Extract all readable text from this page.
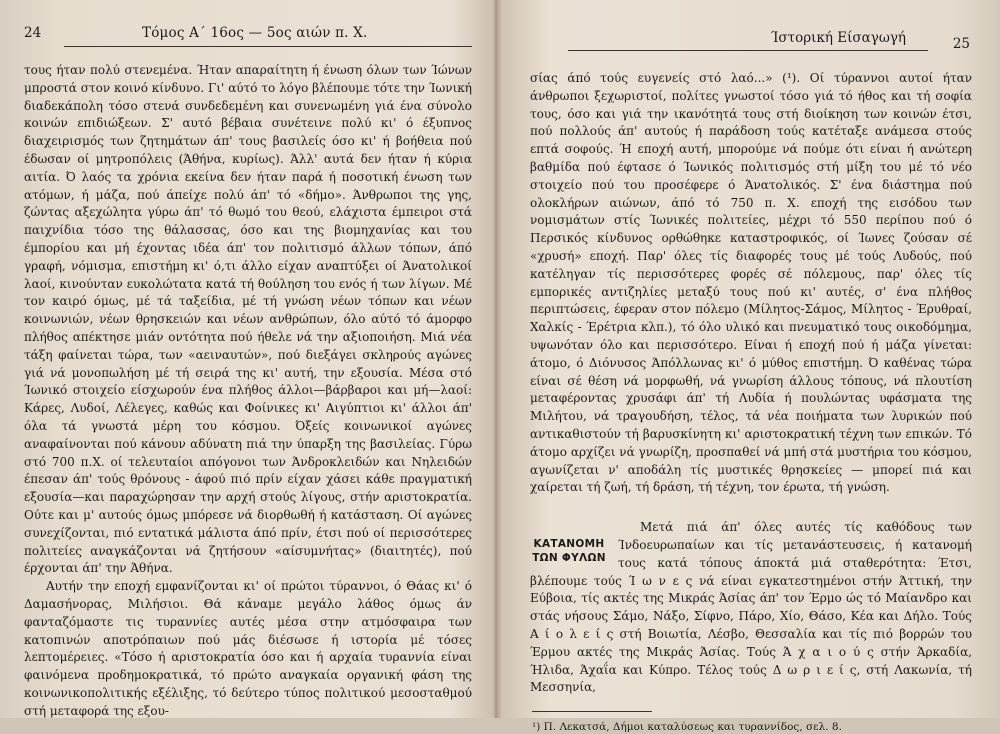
24	Τόμος Α΄ 16ος — 5ος αιών π. Χ.

τους ήταν πολύ στενεμένα. Ήταν απαραίτητη ή ένωση όλων των Ίώνων μπροστά στον κοινό κίνδυνο. Γι' αύτό το λόγο βλέπουμε τότε την Ίωνική διαδεκάπολη τόσο στενά συνδεδεμένη και συνενωμένη γιά ένα σύνολο κοινών επιδιώξεων. Σ' αυτό βέβαια συνέτεινε πολύ κι' ό έξυπνος διαχειρισμός των ζητημάτων άπ' τους βασιλείς όσο κι' ή βοήθεια πού έδωσαν οί μητροπόλεις (Άθήνα, κυρίως). Άλλ' αυτά δεν ήταν ή κύρια αιτία. Ό λαός τα χρόνια εκείνα δεν ήταν παρά ή ποσοτική ένωση των ατόμων, ή μάζα, πού άπείχε πολύ άπ' τό «δήμο». Άνθρωποι της γης, ζώντας αξεχώλητα γύρω άπ' τό θωμό του θεού, ελάχιστα έμπειροι στά παιχνίδια τόσο της θάλασσας, όσο και της βιομηχανίας και του έμπορίου και μή έχοντας ιδέα άπ' τον πολιτισμό άλλων τόπων, άπό γραφή, νόμισμα, επιστήμη κι' ό,τι άλλο είχαν αναπτύξει οί Άνατολικοί λαοί, κινούνταν ευκολώτατα κατά τή θούληση του ενός ή των λίγων. Μέ τον καιρό όμως, μέ τά ταξείδια, μέ τή γνώση νέων τόπων και νέων κοινωνιών, νέων θρησκειών και νέων ανθρώπων, όλο αύτό τό άμορφο πλήθος απέκτησε μιάν οντότητα πού ήθελε νά την αξιοποιήση. Μιά νέα τάξη φαίνεται τώρα, των «αειναυτών», πού διεξάγει σκληρούς αγώνες γιά νά μονοπωλήση μέ τή σειρά της κι' αυτή, την εξουσία. Μέσα στό Ίωνικό στοιχείο είσχωρούν ένα πλήθος άλλοι—βάρβαροι και μή—λαοί: Κάρες, Λυδοί, Λέλεγες, καθώς και Φοίνικες κι' Αιγύπτιοι κι' άλλοι άπ' όλα τά γνωστά μέρη του κόσμου. Όξείς κοινωνικοί αγώνες αναφαίνονται πού κάνουν αδύνατη πιά την ύπαρξη της βασιλείας. Γύρω στό 700 π.Χ. οί τελευταίοι απόγονοι των Άνδροκλειδών και Νηλειδών έπεσαν άπ' τούς θρόνους - άφού πιό πρίν είχαν χάσει κάθε πραγματική εξουσία—και παραχώρησαν την αρχή στούς λίγους, στήν αριστοκρατία. Ούτε και μ' αυτούς όμως μπόρεσε νά διορθωθή ή κατάσταση. Οί αγώνες συνεχίζονται, πιό εντατικά μάλιστα άπό πρίν, έτσι πού οί περισσότερες πολιτείες αναγκάζονται νά ζητήσουν «αίσυμνήτας» (διαιτητές), πού έρχονται άπ' την Άθήνα.

Αυτήν την εποχή εμφανίζονται κι' οί πρώτοι τύραννοι, ό Θάας κι' ό Δαμασήνορας, Μιλήσιοι. Θά κάναμε μεγάλο λάθος όμως άν φανταζόμαστε τις τυραννίες αυτές μέσα στην ατμόσφαιρα των κατοπινών αποτρόπαιων πού μάς διέσωσε ή ιστορία μέ τόσες λεπτομέρειες. «Τόσο ή αριστοκρατία όσο και ή αρχαία τυραννία είναι φαινόμενα προδημοκρατικά, τό πρώτο αναγκαία οργανική φάση της κοινωνικοπολιτικής εξέλιξης, τό δεύτερο τύπος πολιτικού μεσοσταθμού στή μεταφορά της εξου-

Ίστορική Είσαγωγή	25

σίας άπό τούς ευγενείς στό λαό...» (¹). Οί τύραννοι αυτοί ήταν άνθρωποι ξεχωριστοί, πολίτες γνωστοί τόσο γιά τό ήθος και τή σοφία τους, όσο και γιά την ικανότητά τους στή διοίκηση των κοινών έτσι, πού πολλούς άπ' αυτούς ή παράδοση τούς κατέταξε ανάμεσα στούς επτά σοφούς. Ή εποχή αυτή, μπορούμε νά πούμε ότι είναι ή ανώτερη βαθμίδα πού έφτασε ό Ίωνικός πολιτισμός στή μίξη του μέ τό νέο στοιχείο πού του προσέφερε ό Άνατολικός. Σ' ένα διάστημα πού ολοκλήρων αιώνων, άπό τό 750 π. Χ. εποχή της εισόδου των νομισμάτων στίς Ίωνικές πολιτείες, μέχρι τό 550 περίπου πού ό Περσικός κίνδυνος ορθώθηκε καταστροφικός, οί Ίωνες ζούσαν σέ «χρυσή» εποχή. Παρ' όλες τίς διαφορές τους μέ τούς Λυδούς, πού κατέληγαν τίς περισσότερες φορές σέ πόλεμους, παρ' όλες τίς εμπορικές αντιζηλίες μεταξύ τους πού κι' αυτές, σ' ένα πλήθος περιπτώσεις, έφεραν στον πόλεμο (Μίλητος-Σάμος, Μίλητος - Έρυθραί, Χαλκίς - Έρέτρια κλπ.), τό όλο υλικό και πνευματικό τους οικοδόμημα, υψωνόταν όλο και περισσότερο. Είναι ή εποχή πού ή μάζα γίνεται: άτομο, ό Διόνυσος Άπόλλωνας κι' ό μύθος επιστήμη. Ό καθένας τώρα είναι σέ θέση νά μορφωθή, νά γνωρίση άλλους τόπους, νά πλουτίση μεταφέροντας χρυσάφι άπ' τή Λυδία ή πουλώντας υφάσματα της Μιλήτου, νά τραγουδήση, τέλος, τά νέα ποιήματα των λυρικών πού αντικαθιστούν τή βαρυσκίνητη κι' αριστοκρατική τέχνη των επικών. Τό άτομο αρχίζει νά γνωρίζη, προσπαθεί νά μπή στά μυστήρια του κόσμου, αγωνίζεται ν' αποδάλη τίς μυστικές θρησκείες — μπορεί πιά και χαίρεται τή ζωή, τή δράση, τή τέχνη, τον έρωτα, τή γνώση.

ΚΑΤΑΝΟΜΗ ΤΩΝ ΦΥΛΩΝ

Μετά πιά άπ' όλες αυτές τίς καθόδους των Ίνδοευρωπαίων και τίς μετανάστευσεις, ή κατανομή τους κατά τόπους άποκτά μιά σταθερότητα: Έτσι, βλέπουμε τούς Ί ω ν ε ς νά είναι εγκατεστημένοι στήν Άττική, την Εύβοια, τίς ακτές της Μικράς Άσίας άπ' τον Έρμο ώς τό Μαίανδρο και στάς νήσους Σάμο, Νάξο, Σίφνο, Πάρο, Χίο, Θάσο, Κέα και Δήλο. Τούς Α ί ο λ ε ί ς στή Βοιωτία, Λέσβο, Θεσσαλία και τίς πιό βορρών του Έρμου ακτές της Μικράς Άσίας. Τούς Ά χ α ι ο ύ ς στήν Άρκαδία, Ήλιδα, Άχαΐα και Κύπρο. Τέλος τούς Δ ω ρ ι ε ί ς, στή Λακωνία, τή Μεσσηνία,

¹) Π. Λεκατσά, Δήμοι καταλύσεως και τυραννίδος, σελ. 8.
